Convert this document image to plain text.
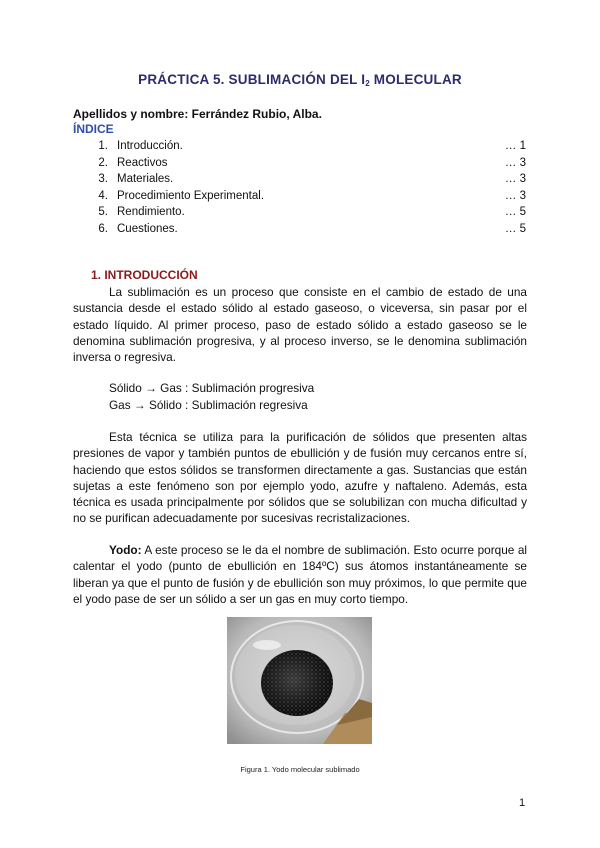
PRÁCTICA 5. SUBLIMACIÓN DEL $I_2$ MOLECULAR
Apellidos y nombre: Ferrández Rubio, Alba.
ÍNDICE
1. Introducción.	… 1
2. Reactivos	… 3
3. Materiales.	… 3
4. Procedimiento Experimental.	… 3
5. Rendimiento.	… 5
6. Cuestiones.	… 5
1. INTRODUCCIÓN

La sublimación es un proceso que consiste en el cambio de estado de una sustancia desde el estado sólido al estado gaseoso, o viceversa, sin pasar por el estado líquido. Al primer proceso, paso de estado sólido a estado gaseoso se le denomina sublimación progresiva, y al proceso inverso, se le denomina sublimación inversa o regresiva.

Sólido → Gas : Sublimación progresiva
Gas → Sólido : Sublimación regresiva

Esta técnica se utiliza para la purificación de sólidos que presenten altas presiones de vapor y también puntos de ebullición y de fusión muy cercanos entre sí, haciendo que estos sólidos se transformen directamente a gas. Sustancias que están sujetas a este fenómeno son por ejemplo yodo, azufre y naftaleno. Además, esta técnica es usada principalmente por sólidos que se solubilizan con mucha dificultad y no se purifican adecuadamente por sucesivas recristalizaciones.

Yodo: A este proceso se le da el nombre de sublimación. Esto ocurre porque al calentar el yodo (punto de ebullición en 184ºC) sus átomos instantáneamente se liberan ya que el punto de fusión y de ebullición son muy próximos, lo que permite que el yodo pase de ser un sólido a ser un gas en muy corto tiempo.

Figura 1. Yodo molecular sublimado
1
